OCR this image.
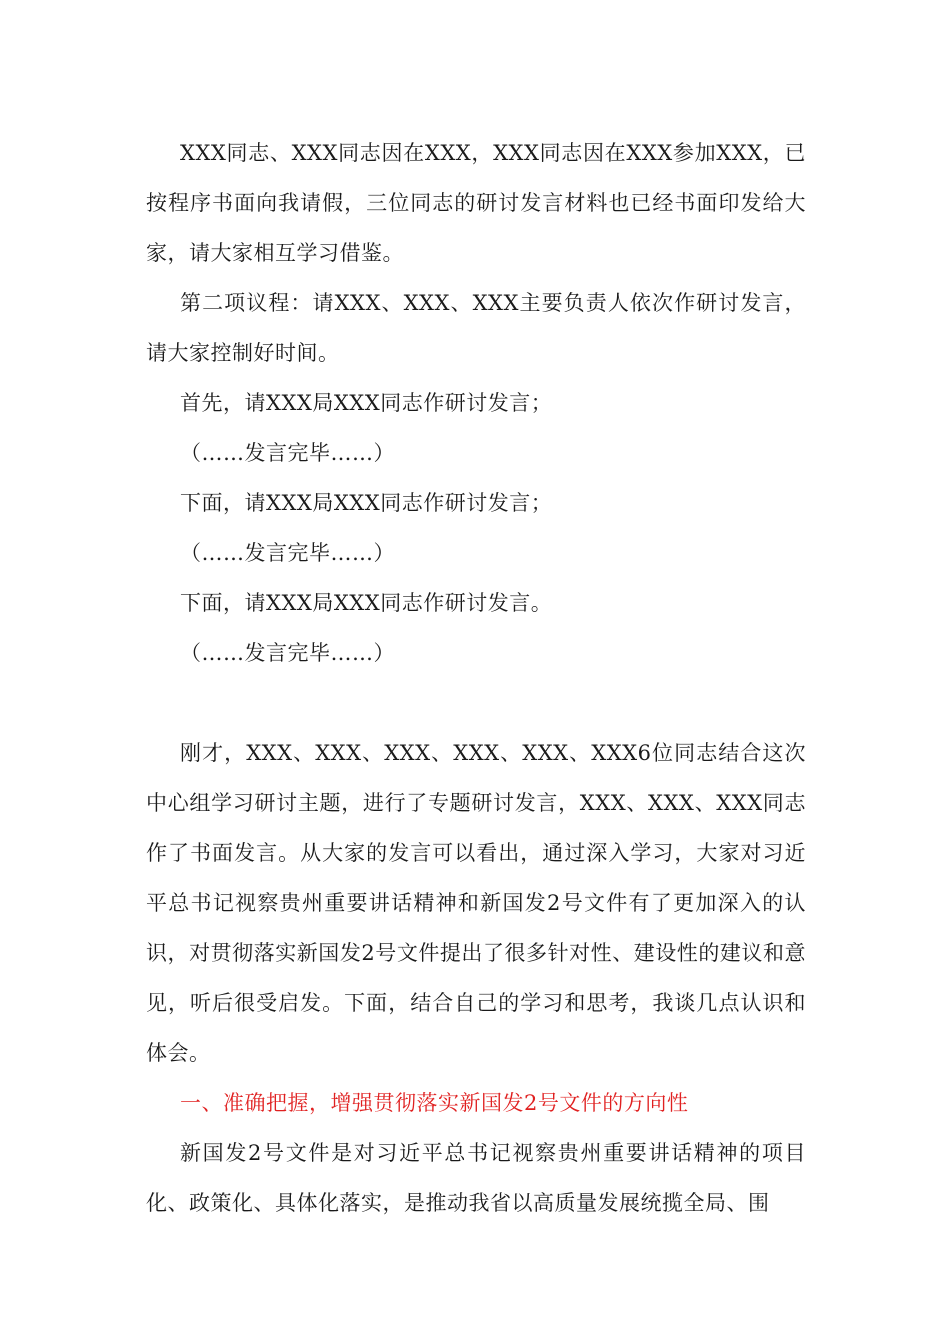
XXX同志、XXX同志因在XXX，XXX同志因在XXX参加XXX，已按程序书面向我请假，三位同志的研讨发言材料也已经书面印发给大家，请大家相互学习借鉴。

第二项议程：请XXX、XXX、XXX主要负责人依次作研讨发言，请大家控制好时间。

首先，请XXX局XXX同志作研讨发言；

（……发言完毕……）

下面，请XXX局XXX同志作研讨发言；

（……发言完毕……）

下面，请XXX局XXX同志作研讨发言。

（……发言完毕……）

刚才，XXX、XXX、XXX、XXX、XXX、XXX6位同志结合这次中心组学习研讨主题，进行了专题研讨发言，XXX、XXX、XXX同志作了书面发言。从大家的发言可以看出，通过深入学习，大家对习近平总书记视察贵州重要讲话精神和新国发2号文件有了更加深入的认识，对贯彻落实新国发2号文件提出了很多针对性、建设性的建议和意见，听后很受启发。下面，结合自己的学习和思考，我谈几点认识和体会。

一、准确把握，增强贯彻落实新国发2号文件的方向性

新国发2号文件是对习近平总书记视察贵州重要讲话精神的项目化、政策化、具体化落实，是推动我省以高质量发展统揽全局、围
